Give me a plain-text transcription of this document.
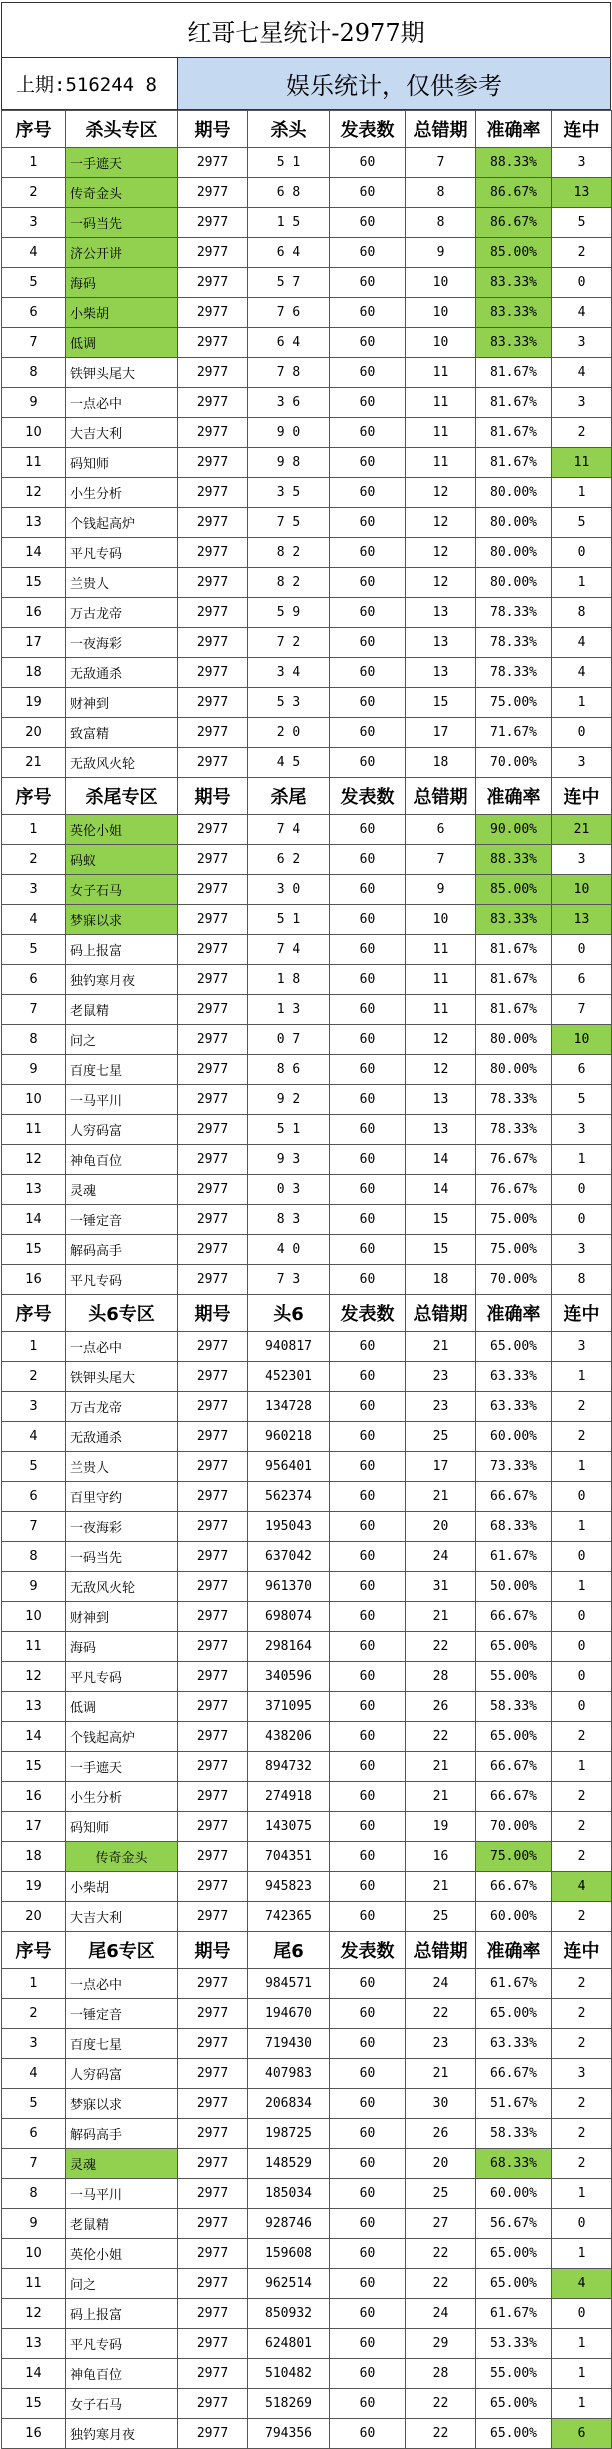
红哥七星统计-2977期
上期:516244 8	娱乐统计，仅供参考
序号	杀头专区	期号	杀头	发表数	总错期	准确率	连中
1	一手遮天	2977	5 1	60	7	88.33%	3
2	传奇金头	2977	6 8	60	8	86.67%	13
3	一码当先	2977	1 5	60	8	86.67%	5
4	济公开讲	2977	6 4	60	9	85.00%	2
5	海码	2977	5 7	60	10	83.33%	0
6	小柴胡	2977	7 6	60	10	83.33%	4
7	低调	2977	6 4	60	10	83.33%	3
8	铁钾头尾大	2977	7 8	60	11	81.67%	4
9	一点必中	2977	3 6	60	11	81.67%	3
10	大吉大利	2977	9 0	60	11	81.67%	2
11	码知师	2977	9 8	60	11	81.67%	11
12	小生分析	2977	3 5	60	12	80.00%	1
13	个钱起高炉	2977	7 5	60	12	80.00%	5
14	平凡专码	2977	8 2	60	12	80.00%	0
15	兰贵人	2977	8 2	60	12	80.00%	1
16	万古龙帝	2977	5 9	60	13	78.33%	8
17	一夜海彩	2977	7 2	60	13	78.33%	4
18	无敌通杀	2977	3 4	60	13	78.33%	4
19	财神到	2977	5 3	60	15	75.00%	1
20	致富精	2977	2 0	60	17	71.67%	0
21	无敌风火轮	2977	4 5	60	18	70.00%	3
序号	杀尾专区	期号	杀尾	发表数	总错期	准确率	连中
1	英伦小姐	2977	7 4	60	6	90.00%	21
2	码蚁	2977	6 2	60	7	88.33%	3
3	女子石马	2977	3 0	60	9	85.00%	10
4	梦寐以求	2977	5 1	60	10	83.33%	13
5	码上报富	2977	7 4	60	11	81.67%	0
6	独钓寒月夜	2977	1 8	60	11	81.67%	6
7	老鼠精	2977	1 3	60	11	81.67%	7
8	问之	2977	0 7	60	12	80.00%	10
9	百度七星	2977	8 6	60	12	80.00%	6
10	一马平川	2977	9 2	60	13	78.33%	5
11	人穷码富	2977	5 1	60	13	78.33%	3
12	神龟百位	2977	9 3	60	14	76.67%	1
13	灵魂	2977	0 3	60	14	76.67%	0
14	一锤定音	2977	8 3	60	15	75.00%	0
15	解码高手	2977	4 0	60	15	75.00%	3
16	平凡专码	2977	7 3	60	18	70.00%	8
序号	头6专区	期号	头6	发表数	总错期	准确率	连中
1	一点必中	2977	940817	60	21	65.00%	3
2	铁钾头尾大	2977	452301	60	23	63.33%	1
3	万古龙帝	2977	134728	60	23	63.33%	2
4	无敌通杀	2977	960218	60	25	60.00%	2
5	兰贵人	2977	956401	60	17	73.33%	1
6	百里守约	2977	562374	60	21	66.67%	0
7	一夜海彩	2977	195043	60	20	68.33%	1
8	一码当先	2977	637042	60	24	61.67%	0
9	无敌风火轮	2977	961370	60	31	50.00%	1
10	财神到	2977	698074	60	21	66.67%	0
11	海码	2977	298164	60	22	65.00%	0
12	平凡专码	2977	340596	60	28	55.00%	0
13	低调	2977	371095	60	26	58.33%	0
14	个钱起高炉	2977	438206	60	22	65.00%	2
15	一手遮天	2977	894732	60	21	66.67%	1
16	小生分析	2977	274918	60	21	66.67%	2
17	码知师	2977	143075	60	19	70.00%	2
18	传奇金头	2977	704351	60	16	75.00%	2
19	小柴胡	2977	945823	60	21	66.67%	4
20	大吉大利	2977	742365	60	25	60.00%	2
序号	尾6专区	期号	尾6	发表数	总错期	准确率	连中
1	一点必中	2977	984571	60	24	61.67%	2
2	一锤定音	2977	194670	60	22	65.00%	2
3	百度七星	2977	719430	60	23	63.33%	2
4	人穷码富	2977	407983	60	21	66.67%	3
5	梦寐以求	2977	206834	60	30	51.67%	2
6	解码高手	2977	198725	60	26	58.33%	2
7	灵魂	2977	148529	60	20	68.33%	2
8	一马平川	2977	185034	60	25	60.00%	1
9	老鼠精	2977	928746	60	27	56.67%	0
10	英伦小姐	2977	159608	60	22	65.00%	1
11	问之	2977	962514	60	22	65.00%	4
12	码上报富	2977	850932	60	24	61.67%	0
13	平凡专码	2977	624801	60	29	53.33%	1
14	神龟百位	2977	510482	60	28	55.00%	1
15	女子石马	2977	518269	60	22	65.00%	1
16	独钓寒月夜	2977	794356	60	22	65.00%	6
